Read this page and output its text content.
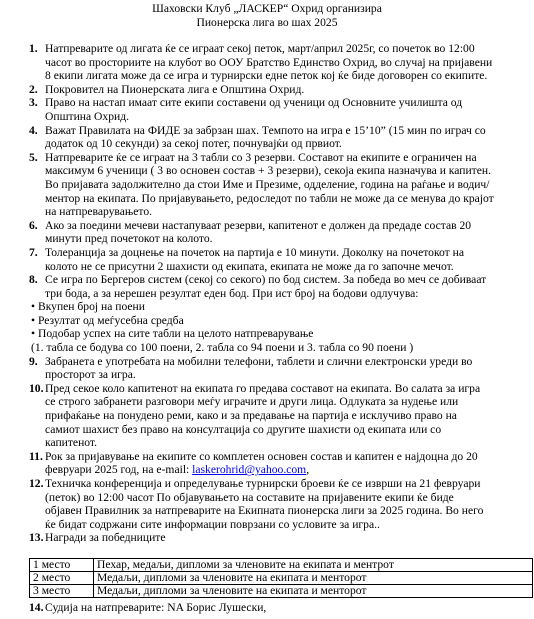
Шаховски Клуб „ЛАСКЕР“ Охрид организира
Пионерска лига во шах 2025
1. Натпреварите од лигата ќе се играат секој петок, март/април 2025г, со почеток во 12:00
часот во просториите на клубот во ООУ Братство Единство Охрид, во случај на пријавени
8 екипи лигата може да се игра и турнирски едне петок кој ќе биде договорен со екипите.
2. Покровител на Пионерската лига е Општина Охрид.
3. Право на настап имаат сите екипи составени од ученици од Основните училишта од
Општина Охрид.
4. Важат Правилата на ФИДЕ за забрзан шах. Темпото на игра е 15’10” (15 мин по играч со
додаток од 10 секунди) за секој потег, почнувајќи од првиот.
5. Натпреварите ќе се играат на 3 табли со 3 резерви. Составот на екипите е ограничен на
максимум 6 ученици ( 3 во основен состав + 3 резерви), секоја екипа назначува и капитен.
Во пријавата задолжително да стои Име и Презиме, одделение, година на раѓање и водич/
ментор на екипата. По пријавувањето, редоследот по табли не може да се менува до крајот
на натпреварувањето.
6. Ако за поедини мечеви настапуваат резерви, капитенот е должен да предаде состав 20
минути пред почетокот на колото.
7. Толеранција за доцнење на почеток на партија е 10 минути. Доколку на почетокот на
колото не се присутни 2 шахисти од екипата, екипата не може да го започне мечот.
8. Се игра по Бергеров систем (секој со секого) по бод систем. За победа во меч се добиваат
три бода, а за нерешен резултат еден бод. При ист број на бодови одлучува:
• Вкупен број на поени
• Резултат од меѓусебна средба
• Подобар успех на сите табли на целото натпреварување
(1. табла се бодува со 100 поени, 2. табла со 94 поени и 3. табла со 90 поени )
9. Забранета е употребата на мобилни телефони, таблети и слични електронски уреди во
просторот за игра.
10. Пред секое коло капитенот на екипата го предава составот на екипата. Во салата за игра
се строго забранети разговори меѓу играчите и други лица. Одлуката за нудење или
прифаќање на понудено реми, како и за предавање на партија е исклучиво право на
самиот шахист без право на консултација со другите шахисти од екипата или со
капитенот.
11. Рок за пријавување на екипите со комплетен основен состав и капитен е најдоцна до 20
февруари 2025 год, на e-mail: laskerohrid@yahoo.com,
12. Техничка конференција и определување турнирски броеви ќе се изврши на 21 февруари
(петок) во 12:00 часот По објавувањето на составите на пријавените екипи ќе биде
објавен Правилник за натпреварите на Екипната пионерска лиги за 2025 година. Во него
ќе бидат содржани сите информации поврзани со условите за игра..
13. Награди за победниците
1 место	Пехар, медаљи, дипломи за членовите на екипата и ментрот
2 место	Медаљи, дипломи за членовите на екипата и менторот
3 место	Медаљи, дипломи за членовите на екипата и менторот
14. Судија на натпреварите: NA Борис Лушески,
